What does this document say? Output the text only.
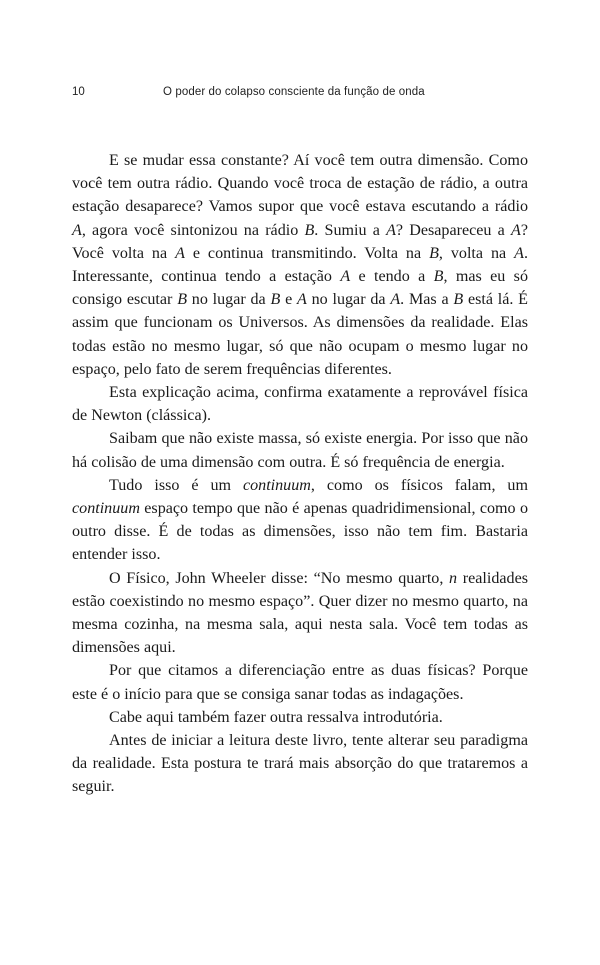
10	O poder do colapso consciente da função de onda

E se mudar essa constante? Aí você tem outra dimensão. Como você tem outra rádio. Quando você troca de estação de rádio, a outra estação desaparece? Vamos supor que você estava escutando a rádio A, agora você sintonizou na rádio B. Sumiu a A? Desapareceu a A? Você volta na A e continua transmitindo. Volta na B, volta na A. Interessante, continua tendo a estação A e tendo a B, mas eu só consigo escutar B no lugar da B e A no lugar da A. Mas a B está lá. É assim que funcionam os Universos. As dimensões da realidade. Elas todas estão no mesmo lugar, só que não ocupam o mesmo lugar no espaço, pelo fato de serem frequências diferentes.

Esta explicação acima, confirma exatamente a reprovável física de Newton (clássica).

Saibam que não existe massa, só existe energia. Por isso que não há colisão de uma dimensão com outra. É só frequência de energia.

Tudo isso é um continuum, como os físicos falam, um continuum espaço tempo que não é apenas quadridimensional, como o outro disse. É de todas as dimensões, isso não tem fim. Bastaria entender isso.

O Físico, John Wheeler disse: “No mesmo quarto, n realidades estão coexistindo no mesmo espaço”. Quer dizer no mesmo quarto, na mesma cozinha, na mesma sala, aqui nesta sala. Você tem todas as dimensões aqui.

Por que citamos a diferenciação entre as duas físicas? Porque este é o início para que se consiga sanar todas as indagações.

Cabe aqui também fazer outra ressalva introdutória.

Antes de iniciar a leitura deste livro, tente alterar seu paradigma da realidade. Esta postura te trará mais absorção do que trataremos a seguir.
